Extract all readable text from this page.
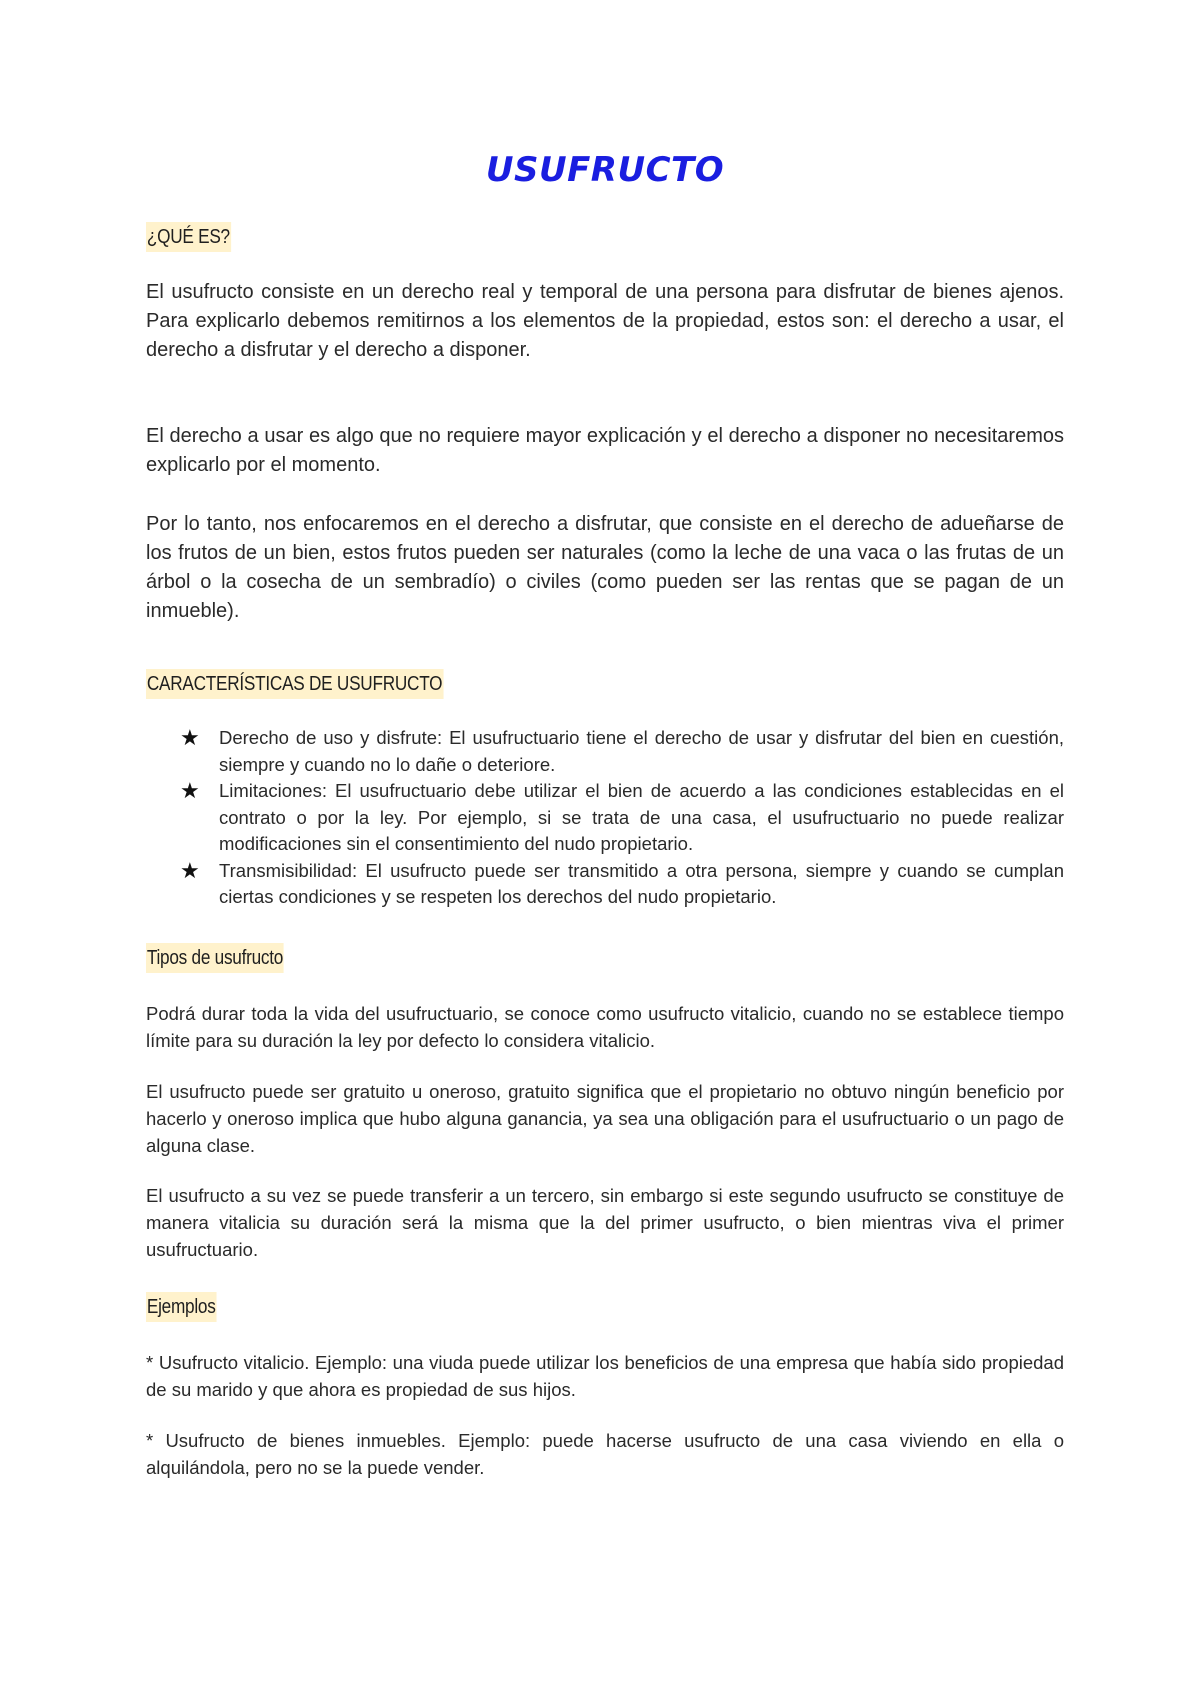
USUFRUCTO
¿QUÉ ES?

El usufructo consiste en un derecho real y temporal de una persona para disfrutar de bienes ajenos. Para explicarlo debemos remitirnos a los elementos de la propiedad, estos son: el derecho a usar, el derecho a disfrutar y el derecho a disponer.

El derecho a usar es algo que no requiere mayor explicación y el derecho a disponer no necesitaremos explicarlo por el momento.

Por lo tanto, nos enfocaremos en el derecho a disfrutar, que consiste en el derecho de adueñarse de los frutos de un bien, estos frutos pueden ser naturales (como la leche de una vaca o las frutas de un árbol o la cosecha de un sembradío) o civiles (como pueden ser las rentas que se pagan de un inmueble).

CARACTERÍSTICAS DE USUFRUCTO
★ Derecho de uso y disfrute: El usufructuario tiene el derecho de usar y disfrutar del bien en cuestión, siempre y cuando no lo dañe o deteriore.
★ Limitaciones: El usufructuario debe utilizar el bien de acuerdo a las condiciones establecidas en el contrato o por la ley. Por ejemplo, si se trata de una casa, el usufructuario no puede realizar modificaciones sin el consentimiento del nudo propietario.
★ Transmisibilidad: El usufructo puede ser transmitido a otra persona, siempre y cuando se cumplan ciertas condiciones y se respeten los derechos del nudo propietario.
Tipos de usufructo

Podrá durar toda la vida del usufructuario, se conoce como usufructo vitalicio, cuando no se establece tiempo límite para su duración la ley por defecto lo considera vitalicio.

El usufructo puede ser gratuito u oneroso, gratuito significa que el propietario no obtuvo ningún beneficio por hacerlo y oneroso implica que hubo alguna ganancia, ya sea una obligación para el usufructuario o un pago de alguna clase.

El usufructo a su vez se puede transferir a un tercero, sin embargo si este segundo usufructo se constituye de manera vitalicia su duración será la misma que la del primer usufructo, o bien mientras viva el primer usufructuario.

Ejemplos

* Usufructo vitalicio. Ejemplo: una viuda puede utilizar los beneficios de una empresa que había sido propiedad de su marido y que ahora es propiedad de sus hijos.

* Usufructo de bienes inmuebles. Ejemplo: puede hacerse usufructo de una casa viviendo en ella o alquilándola, pero no se la puede vender.
